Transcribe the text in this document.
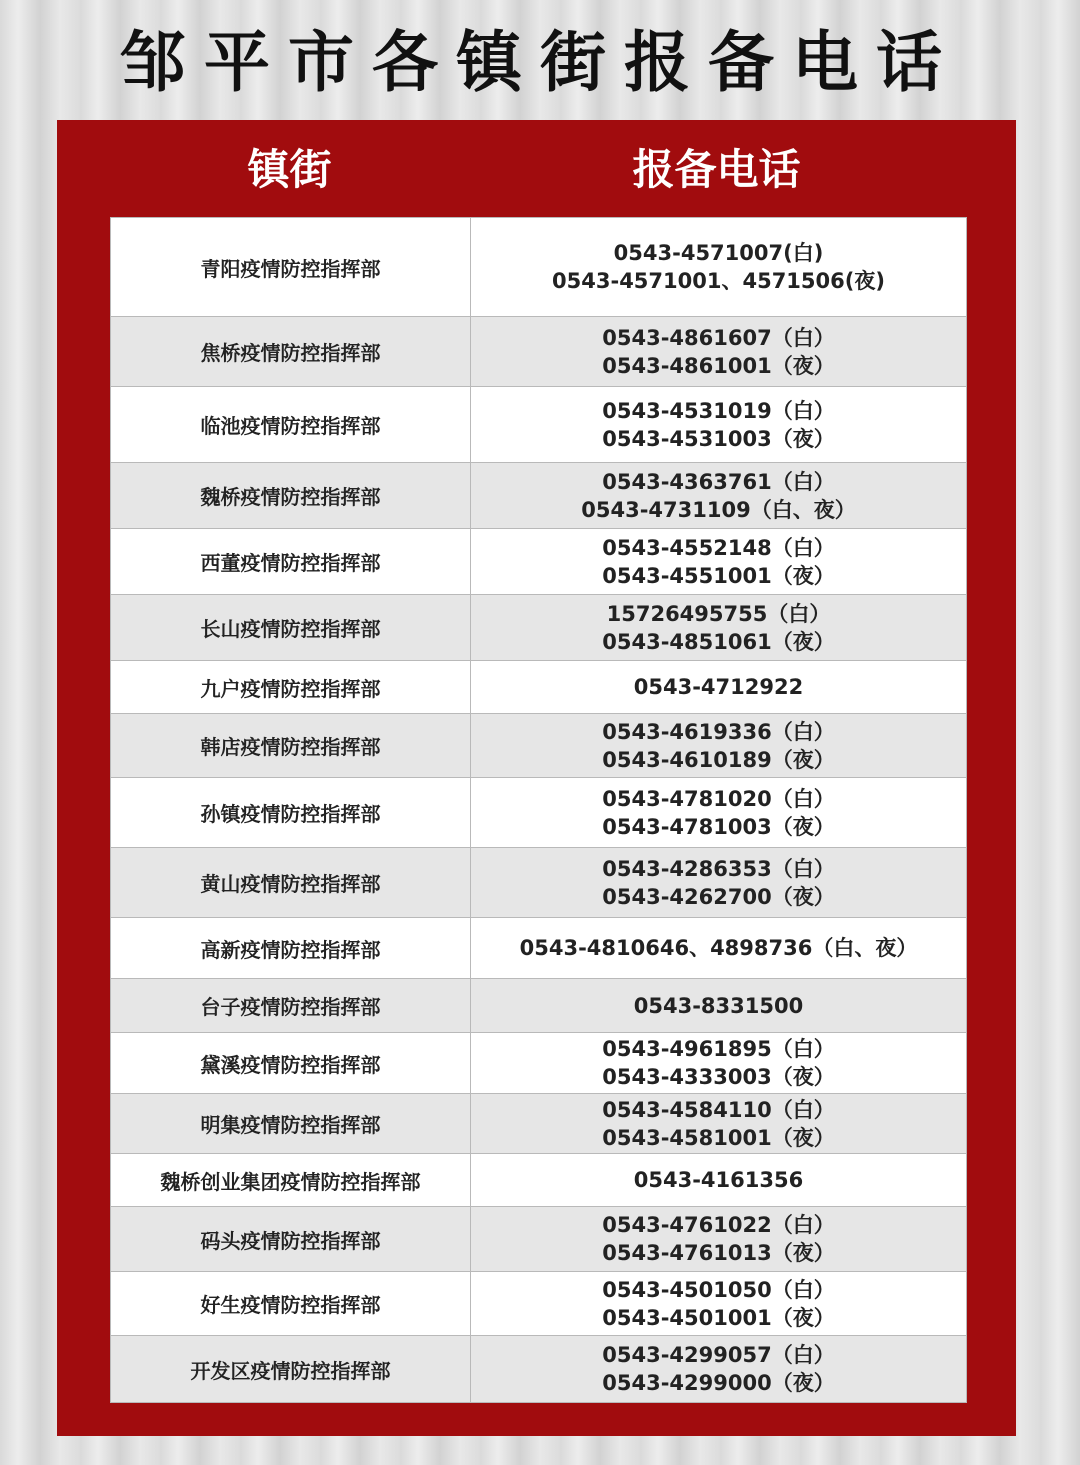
邹平市各镇街报备电话
镇街	报备电话
青阳疫情防控指挥部	0543-4571007(白)
0543-4571001、4571506(夜)

焦桥疫情防控指挥部	0543-4861607（白）
0543-4861001（夜）

临池疫情防控指挥部	0543-4531019（白）
0543-4531003（夜）

魏桥疫情防控指挥部	0543-4363761（白）
0543-4731109（白、夜）

西董疫情防控指挥部	0543-4552148（白）
0543-4551001（夜）

长山疫情防控指挥部	15726495755（白）
0543-4851061（夜）

九户疫情防控指挥部	0543-4712922

韩店疫情防控指挥部	0543-4619336（白）
0543-4610189（夜）

孙镇疫情防控指挥部	0543-4781020（白）
0543-4781003（夜）

黄山疫情防控指挥部	0543-4286353（白）
0543-4262700（夜）

高新疫情防控指挥部	0543-4810646、4898736（白、夜）

台子疫情防控指挥部	0543-8331500

黛溪疫情防控指挥部	0543-4961895（白）
0543-4333003（夜）

明集疫情防控指挥部	0543-4584110（白）
0543-4581001（夜）

魏桥创业集团疫情防控指挥部	0543-4161356

码头疫情防控指挥部	0543-4761022（白）
0543-4761013（夜）

好生疫情防控指挥部	0543-4501050（白）
0543-4501001（夜）

开发区疫情防控指挥部	0543-4299057（白）
0543-4299000（夜）
